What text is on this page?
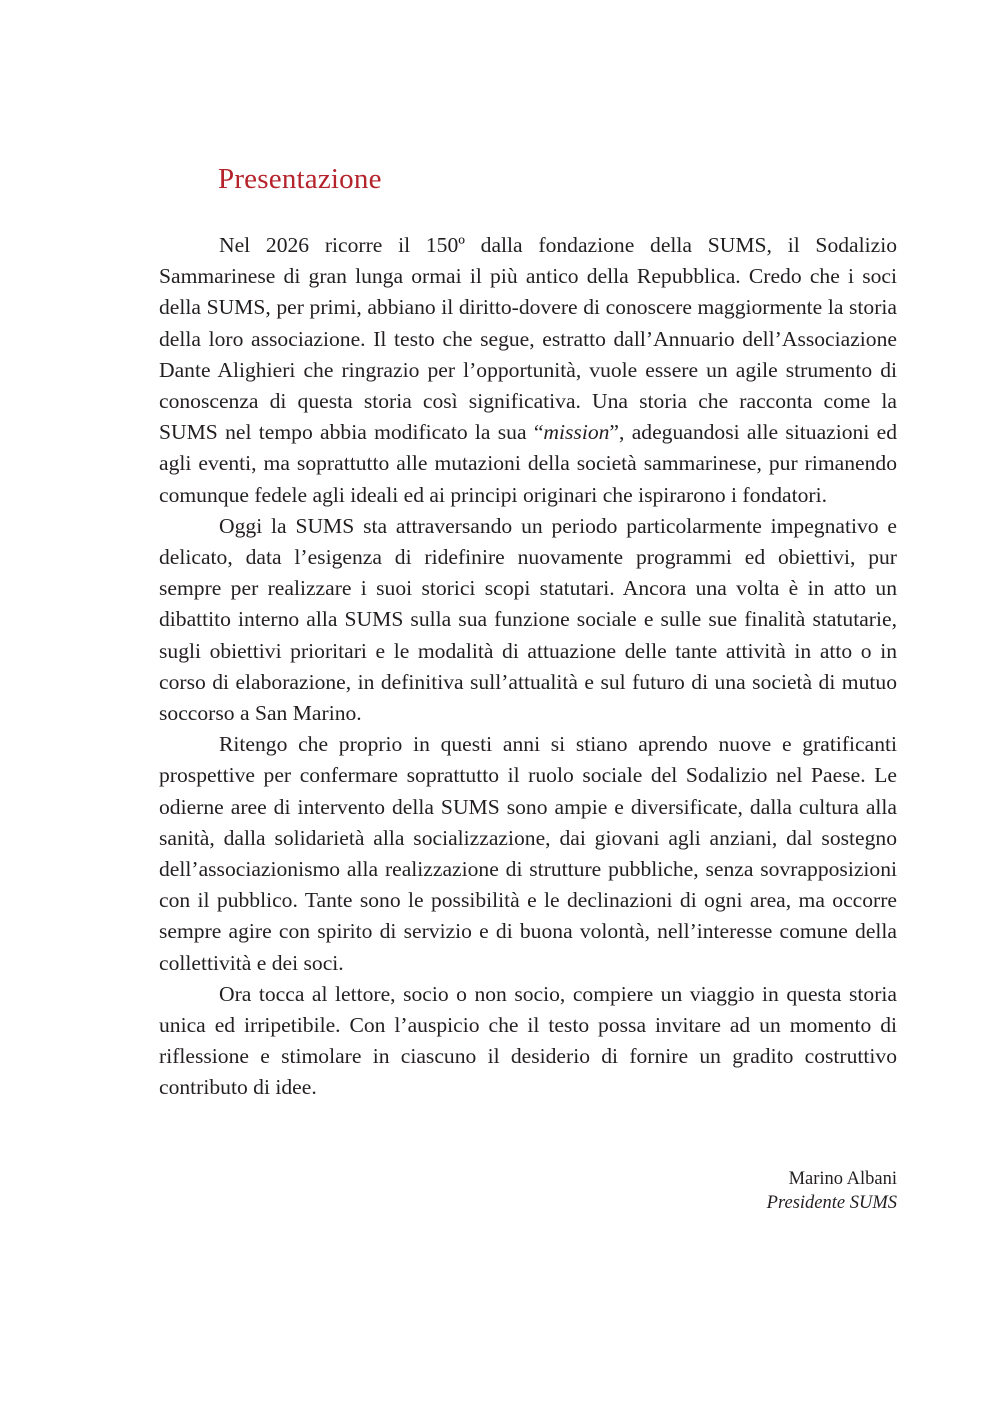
Presentazione

Nel 2026 ricorre il 150º dalla fondazione della SUMS, il Sodalizio Sammarinese di gran lunga ormai il più antico della Repubblica. Credo che i soci della SUMS, per primi, abbiano il diritto-dovere di conoscere maggiormente la storia della loro associazione. Il testo che segue, estratto dall’Annuario dell’Associazione Dante Alighieri che ringrazio per l’opportunità, vuole essere un agile strumento di conoscenza di questa storia così significativa. Una storia che racconta come la SUMS nel tempo abbia modificato la sua “mission”, adeguandosi alle situazioni ed agli eventi, ma soprattutto alle mutazioni della società sammarinese, pur rimanendo comunque fedele agli ideali ed ai principi originari che ispirarono i fondatori.

Oggi la SUMS sta attraversando un periodo particolarmente impegnativo e delicato, data l’esigenza di ridefinire nuovamente programmi ed obiettivi, pur sempre per realizzare i suoi storici scopi statutari. Ancora una volta è in atto un dibattito interno alla SUMS sulla sua funzione sociale e sulle sue finalità statutarie, sugli obiettivi prioritari e le modalità di attuazione delle tante attività in atto o in corso di elaborazione, in definitiva sull’attualità e sul futuro di una società di mutuo soccorso a San Marino.

Ritengo che proprio in questi anni si stiano aprendo nuove e gratificanti prospettive per confermare soprattutto il ruolo sociale del Sodalizio nel Paese. Le odierne aree di intervento della SUMS sono ampie e diversificate, dalla cultura alla sanità, dalla solidarietà alla socializzazione, dai giovani agli anziani, dal sostegno dell’associazionismo alla realizzazione di strutture pubbliche, senza sovrapposizioni con il pubblico. Tante sono le possibilità e le declinazioni di ogni area, ma occorre sempre agire con spirito di servizio e di buona volontà, nell’interesse comune della collettività e dei soci.

Ora tocca al lettore, socio o non socio, compiere un viaggio in questa storia unica ed irripetibile. Con l’auspicio che il testo possa invitare ad un momento di riflessione e stimolare in ciascuno il desiderio di fornire un gradito costruttivo contributo di idee.

Marino Albani
Presidente SUMS
